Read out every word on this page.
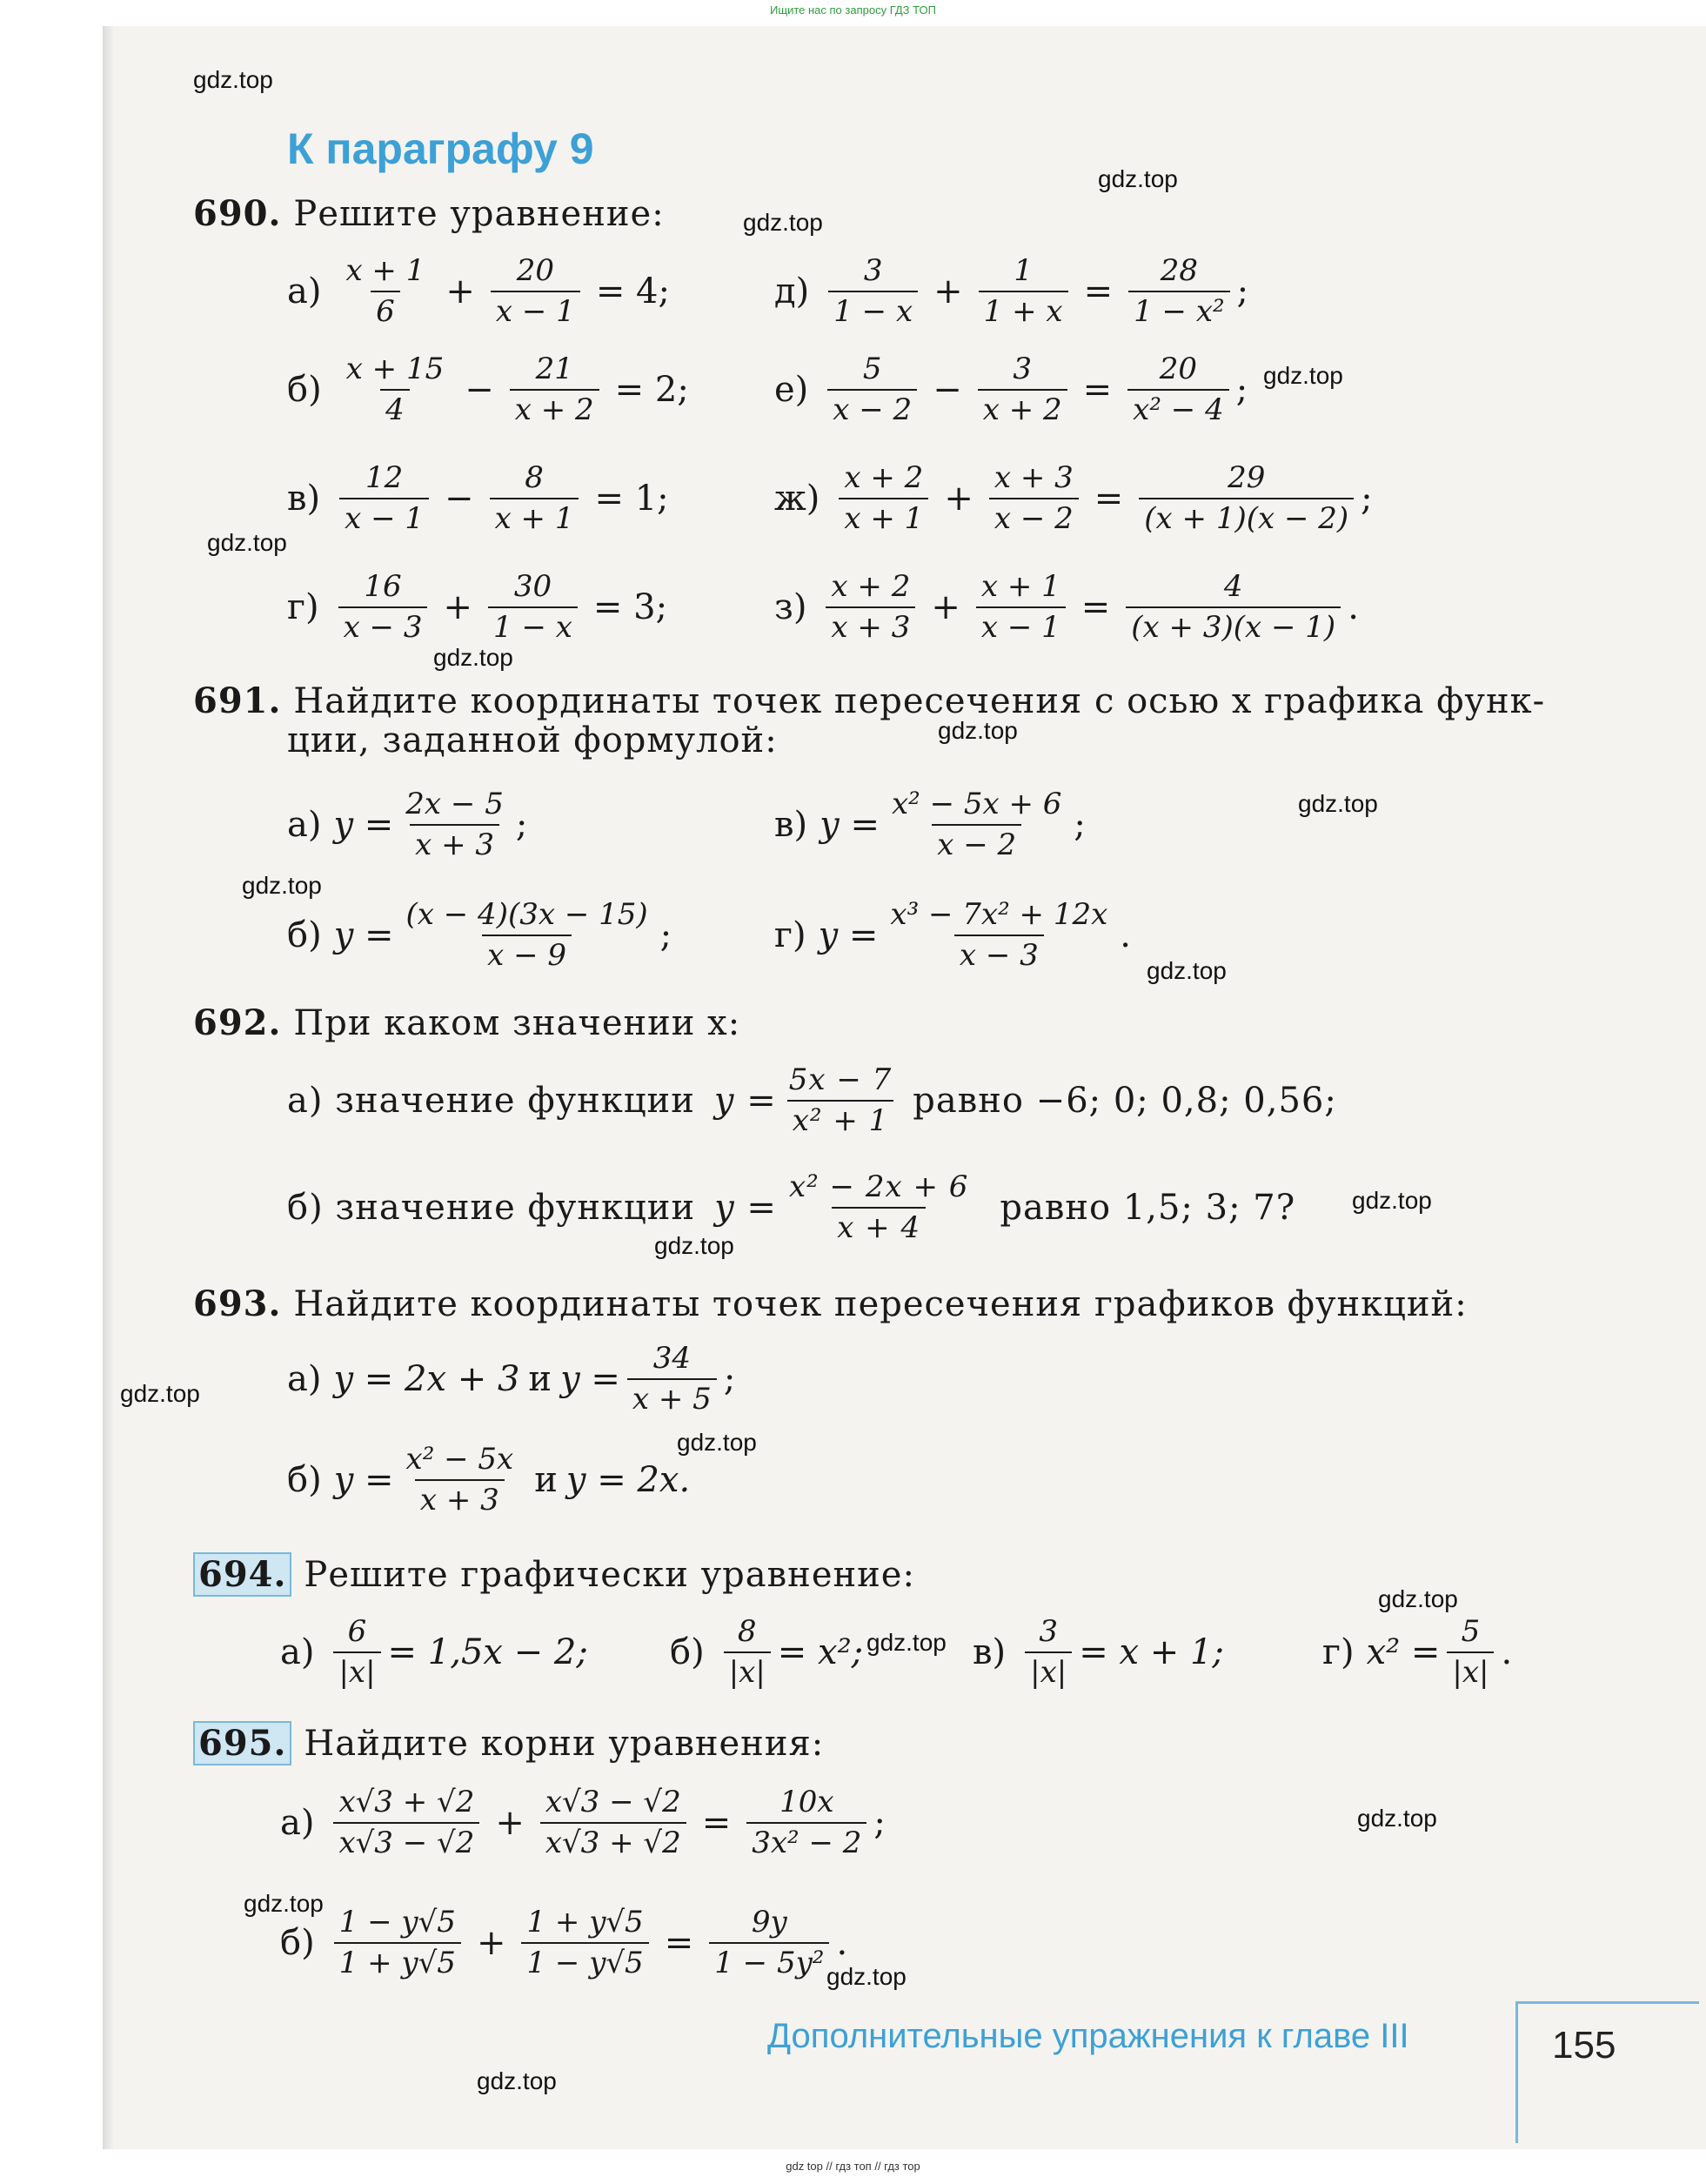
Ищите нас по запросу ГДЗ ТОП
gdz.top
gdz.top
gdz.top
gdz.top
gdz.top
gdz.top
gdz.top
gdz.top
gdz.top
gdz.top
gdz.top
gdz.top
gdz.top
gdz.top
gdz.top
gdz.top
gdz.top
gdz.top
gdz.top
gdz.top
К параграфу 9
690. Решите уравнение:
$а) \frac{x + 1}{6} + \frac{20}{x - 1} = 4$;	$д) \frac{3}{1 - x} + \frac{1}{1 + x} = \frac{28}{\text{1 − x²}}$ ;
$б) \frac{x + 15}{4} - \frac{21}{x + 2} = 2$; $е) \frac{5}{x - 2} - \frac{3}{x + 2} = \frac{20}{\text{x² − 4}}$ ;
$в) \frac{12}{x - 1} - \frac{8}{x + 1} = 1$;	$ж) \frac{x + 2}{x + 1} + \frac{x + 3}{x - 2} = \frac{29}{(x + 1)(x - 2)}$ ;
$г) \frac{16}{x - 3} + \frac{30}{1 - x} = 3$;	$з) \frac{x + 2}{x + 3} + \frac{x + 1}{x - 1} = \frac{4}{(x + 3)(x - 1)}$ .
691. Найдите координаты точек пересечения с осью x графика функ-
ции, заданной формулой:
а) $y = \frac{2x - 5}{x + 3}$ ;	в) $y = \frac{\text{x² − 5x + 6}}{x - 2}$ ;
б) $y = \frac{(x - 4)(3x - 15)}{x - 9}$ ;	г) $y = \frac{\text{x³ − 7x² + 12x}}{x - 3}$ .
692. При каком значении x:
а) значение функции $y = \frac{5x - 7}{\text{x² + 1}}$ равно −6; 0; 0,8; 0,56;
б) значение функции $y = \frac{\text{x² − 2x + 6}}{x + 4}$ равно 1,5; 3; 7?
693. Найдите координаты точек пересечения графиков функций:
а) y = 2x + 3 и $y = \frac{34}{x + 5}$ ;
б) $y = \frac{\text{x² − 5x}}{x + 3}$ и y = 2x.
694. Решите графически уравнение:
$а) \frac{6}{|x|} = 1,5x - 2$; $б) \frac{8}{|x|} = x^2$;	$в) \frac{3}{|x|} = x + 1$;	г) $x^2 = \frac{5}{|x|}$ .
695. Найдите корни уравнения:
$а) \frac{x√3 + √2}{x√3 - √2} + \frac{x√3 - √2}{x√3 + √2} = \frac{10x}{\text{3x² − 2}}$ ;
$б) \frac{1 - y√5}{1 + y√5} + \frac{1 + y√5}{1 - y√5} = \frac{9y}{\text{1 − 5y²}}$ .
Дополнительные упражнения к главе III	155
gdz top // гдз топ // гдз тор
